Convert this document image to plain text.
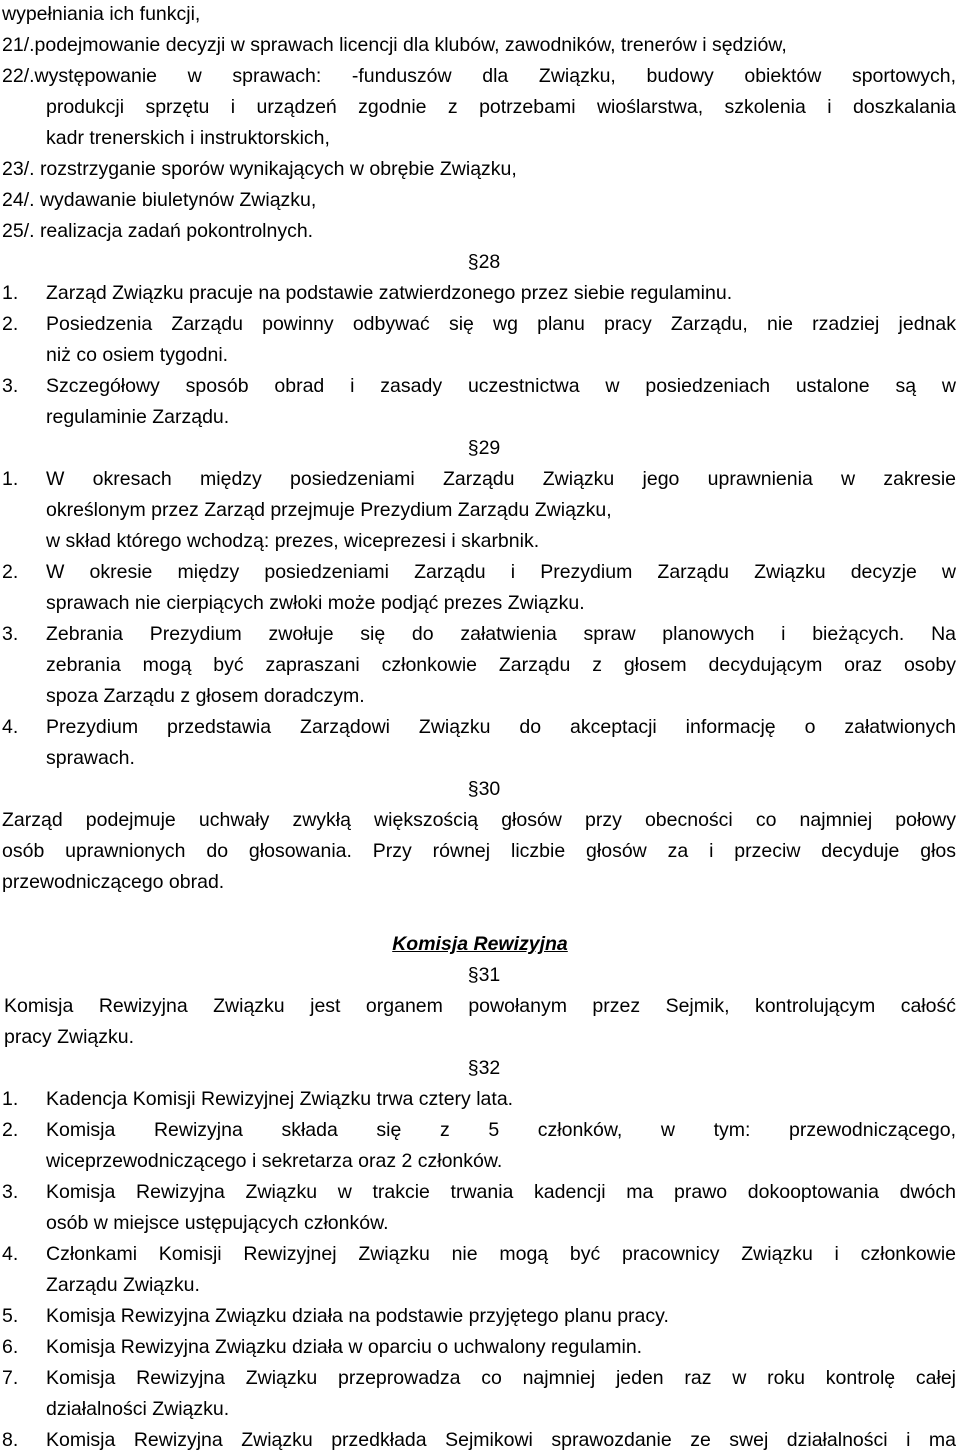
wypełniania ich funkcji,
21/.podejmowanie decyzji w sprawach licencji dla klubów, zawodników, trenerów i sędziów,
22/.występowanie w sprawach: -funduszów dla Związku, budowy obiektów sportowych,
produkcji sprzętu i urządzeń zgodnie z potrzebami wioślarstwa, szkolenia i doszkalania
kadr trenerskich i instruktorskich,
23/. rozstrzyganie sporów wynikających w obrębie Związku,
24/. wydawanie biuletynów Związku,
25/. realizacja zadań pokontrolnych.
§28
1. Zarząd Związku pracuje na podstawie zatwierdzonego przez siebie regulaminu.
2. Posiedzenia Zarządu powinny odbywać się wg planu pracy Zarządu, nie rzadziej jednak
niż co osiem tygodni.
3. Szczegółowy sposób obrad i zasady uczestnictwa w posiedzeniach ustalone są w
regulaminie Zarządu.
§29
1. W okresach między posiedzeniami Zarządu Związku jego uprawnienia w zakresie
określonym przez Zarząd przejmuje Prezydium Zarządu Związku,
w skład którego wchodzą: prezes, wiceprezesi i skarbnik.
2. W okresie między posiedzeniami Zarządu i Prezydium Zarządu Związku decyzje w
sprawach nie cierpiących zwłoki może podjąć prezes Związku.
3. Zebrania Prezydium zwołuje się do załatwienia spraw planowych i bieżących. Na
zebrania mogą być zapraszani członkowie Zarządu z głosem decydującym oraz osoby
spoza Zarządu z głosem doradczym.
4. Prezydium przedstawia Zarządowi Związku do akceptacji informację o załatwionych
sprawach.
§30
Zarząd podejmuje uchwały zwykłą większością głosów przy obecności co najmniej połowy
osób uprawnionych do głosowania. Przy równej liczbie głosów za i przeciw decyduje głos
przewodniczącego obrad.
Komisja Rewizyjna
§31
Komisja Rewizyjna Związku jest organem powołanym przez Sejmik, kontrolującym całość
pracy Związku.
§32
1. Kadencja Komisji Rewizyjnej Związku trwa cztery lata.
2. Komisja Rewizyjna składa się z 5 członków, w tym: przewodniczącego,
wiceprzewodniczącego i sekretarza oraz 2 członków.
3. Komisja Rewizyjna Związku w trakcie trwania kadencji ma prawo dokooptowania dwóch
osób w miejsce ustępujących członków.
4. Członkami Komisji Rewizyjnej Związku nie mogą być pracownicy Związku i członkowie
Zarządu Związku.
5. Komisja Rewizyjna Związku działa na podstawie przyjętego planu pracy.
6. Komisja Rewizyjna Związku działa w oparciu o uchwalony regulamin.
7. Komisja Rewizyjna Związku przeprowadza co najmniej jeden raz w roku kontrolę całej
działalności Związku.
8. Komisja Rewizyjna Związku przedkłada Sejmikowi sprawozdanie ze swej działalności i ma
